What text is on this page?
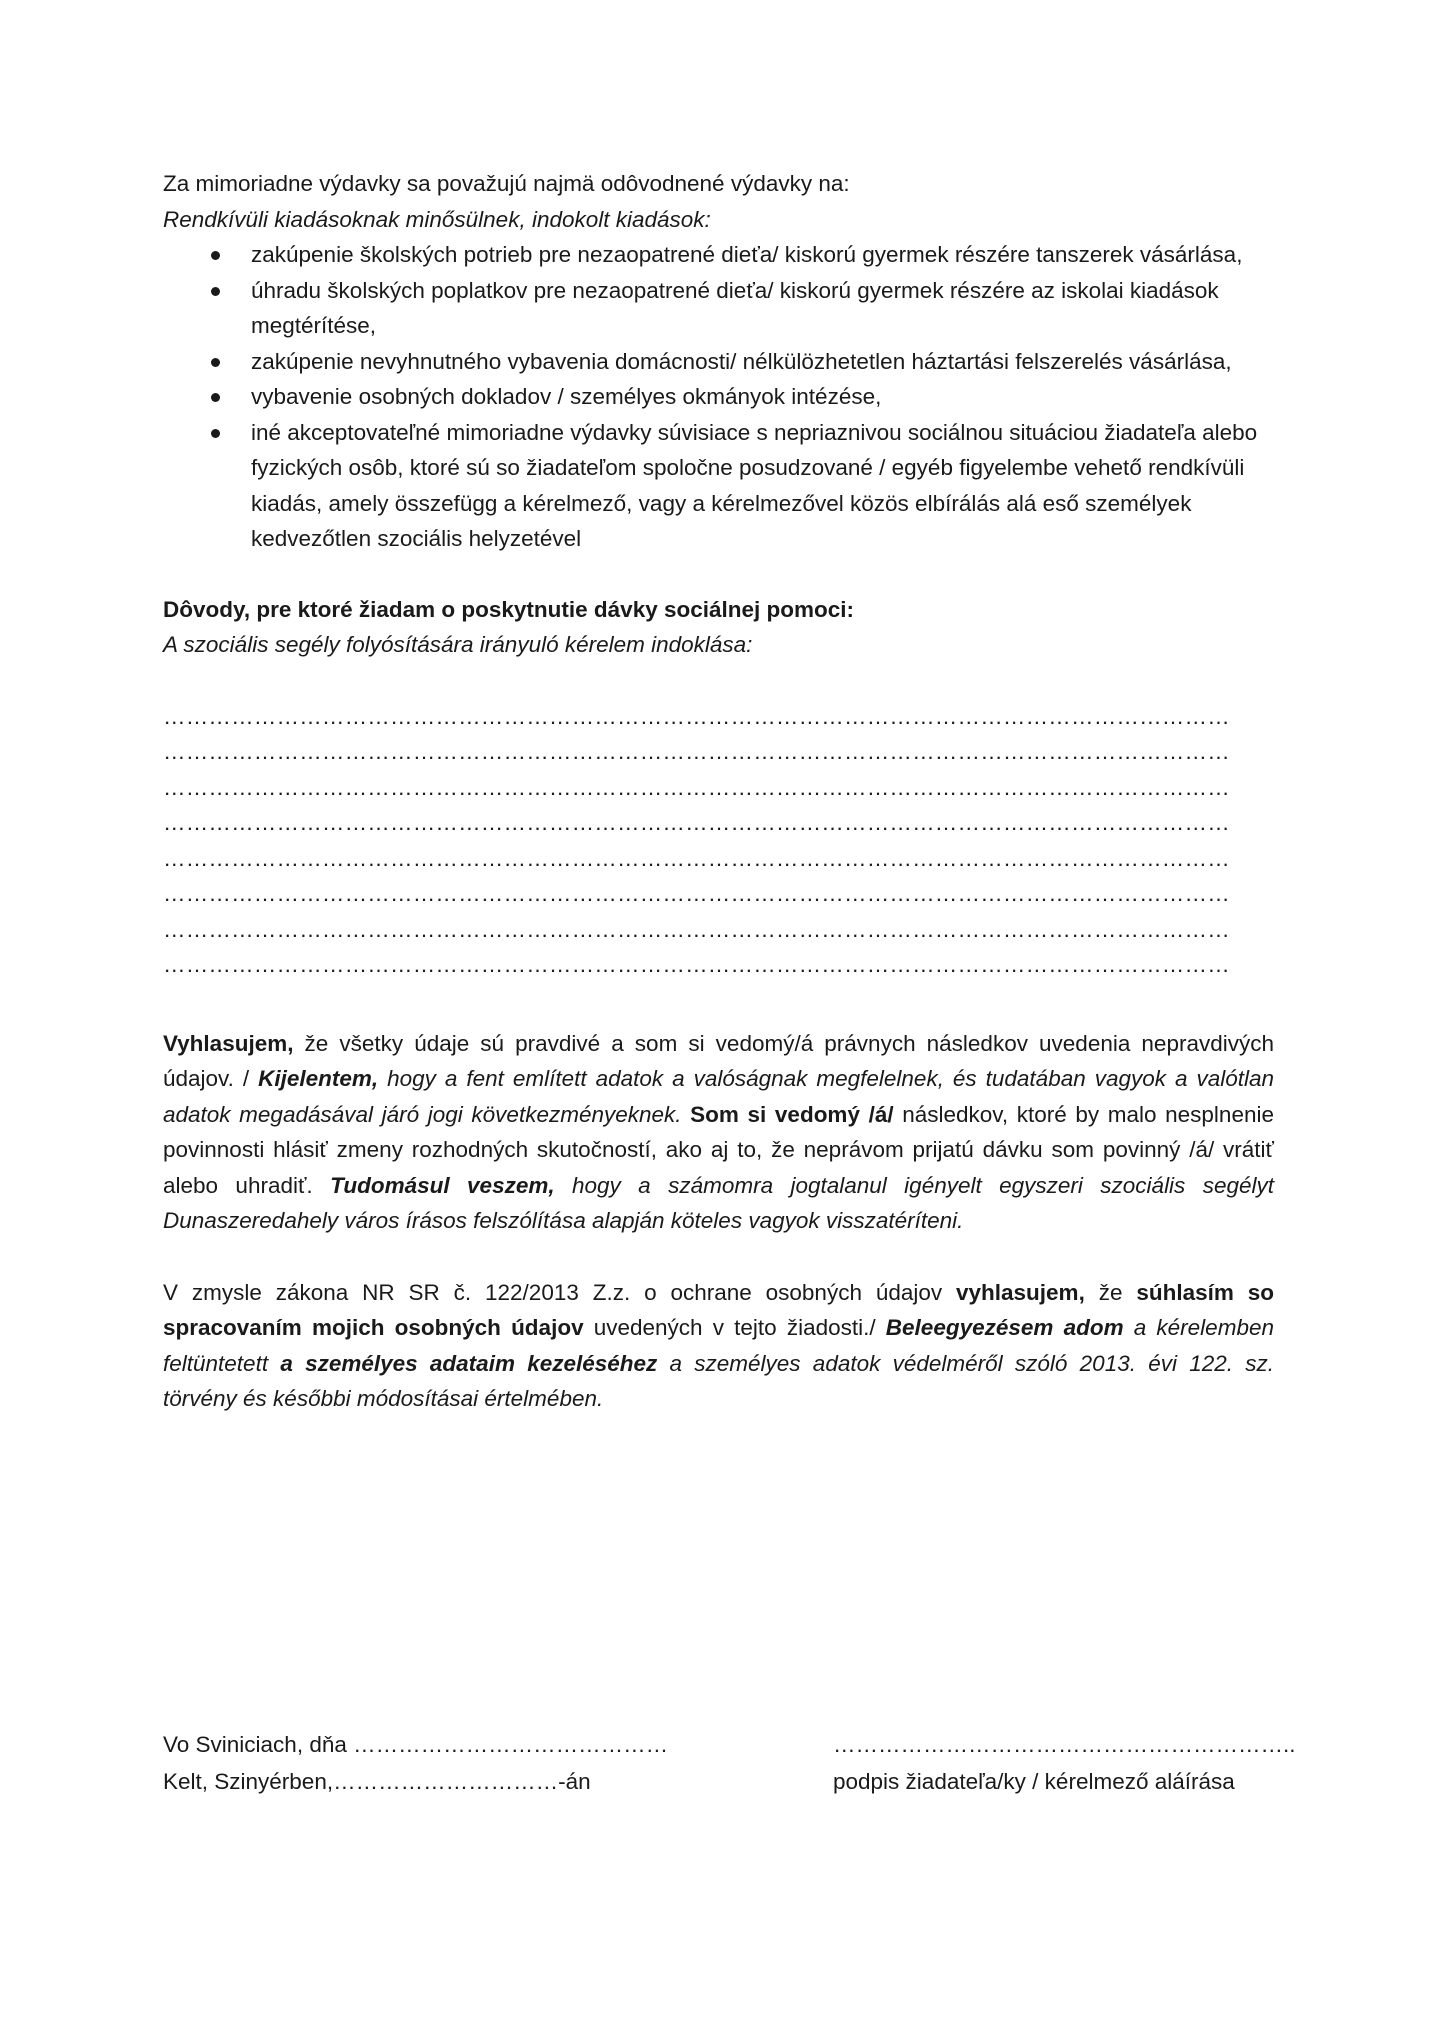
Za mimoriadne výdavky sa považujú najmä odôvodnené výdavky na:
Rendkívüli kiadásoknak minősülnek, indokolt kiadások:
zakúpenie školských potrieb pre nezaopatrené dieťa/ kiskorú gyermek részére tanszerek vásárlása,
úhradu školských poplatkov pre nezaopatrené dieťa/ kiskorú gyermek részére az iskolai kiadások megtérítése,
zakúpenie nevyhnutného vybavenia domácnosti/ nélkülözhetetlen háztartási felszerelés vásárlása,
vybavenie osobných dokladov / személyes okmányok intézése,
iné akceptovateľné mimoriadne výdavky súvisiace s nepriaznivou sociálnou situáciou žiadateľa alebo fyzických osôb, ktoré sú so žiadateľom spoločne posudzované / egyéb figyelembe vehető rendkívüli kiadás, amely összefügg a kérelmező, vagy a kérelmezővel közös elbírálás alá eső személyek kedvezőtlen szociális helyzetével
Dôvody, pre ktoré žiadam o poskytnutie dávky sociálnej pomoci:
A szociális segély folyósítására irányuló kérelem indoklása:
……………………………………………………………………………………………………………………………
……………………………………………………………………………………………………………………………
……………………………………………………………………………………………………………………………
……………………………………………………………………………………………………………………………
……………………………………………………………………………………………………………………………
……………………………………………………………………………………………………………………………
……………………………………………………………………………………………………………………………
……………………………………………………………………………………………………………………………
Vyhlasujem, že všetky údaje sú pravdivé a som si vedomý/á právnych následkov uvedenia nepravdivých údajov. / Kijelentem, hogy a fent említett adatok a valóságnak megfelelnek, és tudatában vagyok a valótlan adatok megadásával járó jogi következményeknek. Som si vedomý /á/ následkov, ktoré by malo nesplnenie povinnosti hlásiť zmeny rozhodných skutočností, ako aj to, že neprávom prijatú dávku som povinný /á/ vrátiť alebo uhradiť. Tudomásul veszem, hogy a számomra jogtalanul igényelt egyszeri szociális segélyt Dunaszeredahely város írásos felszólítása alapján köteles vagyok visszatéríteni.
V zmysle zákona NR SR č. 122/2013 Z.z. o ochrane osobných údajov vyhlasujem, že súhlasím so spracovaním mojich osobných údajov uvedených v tejto žiadosti./ Beleegyezésem adom a kérelemben feltüntetett a személyes adataim kezeléséhez a személyes adatok védelméről szóló 2013. évi 122. sz. törvény és későbbi módosításai értelmében.
Vo Sviniciach, dňa ……………………………………	……………………………………………………..
Kelt, Szinyérben,…………………………-án	podpis žiadateľa/ky / kérelmező aláírása
